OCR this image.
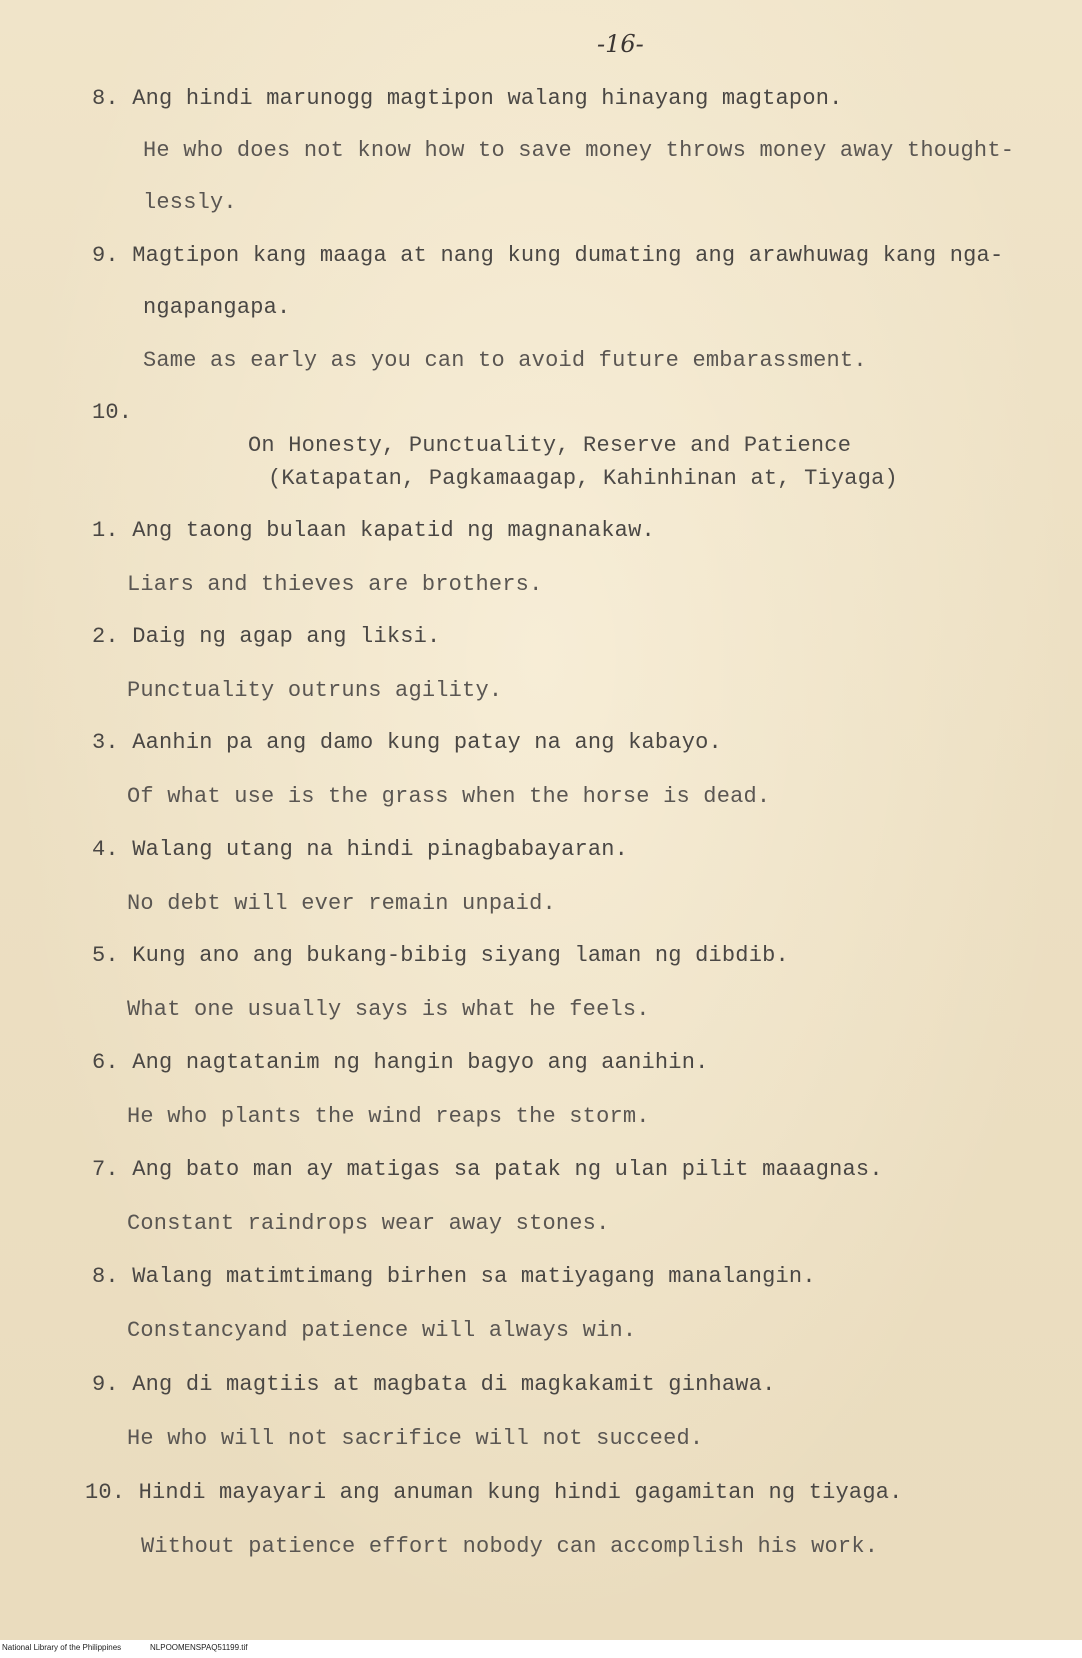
-16-
8. Ang hindi marunogg magtipon walang hinayang magtapon.
He who does not know how to save money throws money away thought-
lessly.
9. Magtipon kang maaga at nang kung dumating ang arawhuwag kang nga-
ngapangapa.
Same as early as you can to avoid future embarassment.
10.
On Honesty, Punctuality, Reserve and Patience
(Katapatan, Pagkamaagap, Kahinhinan at, Tiyaga)
1. Ang taong bulaan kapatid ng magnanakaw.
Liars and thieves are brothers.
2. Daig ng agap ang liksi.
Punctuality outruns agility.
3. Aanhin pa ang damo kung patay na ang kabayo.
Of what use is the grass when the horse is dead.
4. Walang utang na hindi pinagbabayaran.
No debt will ever remain unpaid.
5. Kung ano ang bukang-bibig siyang laman ng dibdib.
What one usually says is what he feels.
6. Ang nagtatanim ng hangin bagyo ang aanihin.
He who plants the wind reaps the storm.
7. Ang bato man ay matigas sa patak ng ulan pilit maaagnas.
Constant raindrops wear away stones.
8. Walang matimtimang birhen sa matiyagang manalangin.
Constancyand patience will always win.
9. Ang di magtiis at magbata di magkakamit ginhawa.
He who will not sacrifice will not succeed.
10. Hindi mayayari ang anuman kung hindi gagamitan ng tiyaga.
Without patience effort nobody can accomplish his work.
National Library of the Philippines	NLPOOMENSPAQ51199.tif
